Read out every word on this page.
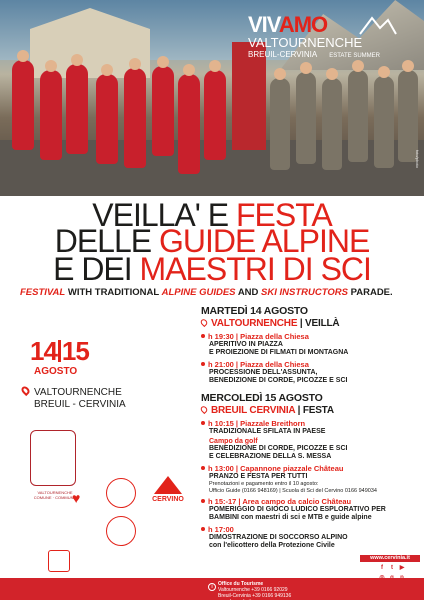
foto/photo
VIVAMO
VALTOURNENCHE
BREUIL-CERVINIA ESTATE SUMMER
VEILLA' E FESTA
DELLE GUIDE ALPINE
E DEI MAESTRI DI SCI
FESTIVAL WITH TRADITIONAL ALPINE GUIDES AND SKI INSTRUCTORS PARADE.
14 15
AGOSTO
VALTOURNENCHE
BREUIL - CERVINIA
VALTOURNENCHE COMUNE · COMMUNE
♥	CERVINO
MARTEDÌ 14 AGOSTO
VALTOURNENCHE | VEILLÀ
h 19:30 | Piazza della Chiesa
APERITIVO IN PIAZZA
E PROIEZIONE DI FILMATI DI MONTAGNA
h 21:00 | Piazza della Chiesa
PROCESSIONE DELL'ASSUNTA,
BENEDIZIONE DI CORDE, PICOZZE E SCI
MERCOLEDÌ 15 AGOSTO
BREUIL CERVINIA | FESTA
h 10:15 | Piazzale Breithorn
TRADIZIONALE SFILATA IN PAESE
Campo da golf
BENEDIZIONE DI CORDE, PICOZZE E SCI
E CELEBRAZIONE DELLA S. MESSA
h 13:00 | Capannone piazzale Château
PRANZO E FESTA PER TUTTI
Prenotazioni e pagamento entro il 10 agosto:
Ufficio Guide (0166 948169) | Scuola di Sci del Cervino 0166 949034
h 15:-17 | Area campo da calcio Château
POMERIGGIO DI GIOCO LUDICO ESPLORATIVO PER
BAMBINI con maestri di sci e MTB e guide alpine
h 17:00
DIMOSTRAZIONE DI SOCCORSO ALPINO
con l'elicottero della Protezione Civile
www.cervinia.it
f	t	▶
i	Office du Tourisme
Valtournenche +39 0166 92029
Breuil-Cervinia +39 0166 949136
www.lovevda.it
